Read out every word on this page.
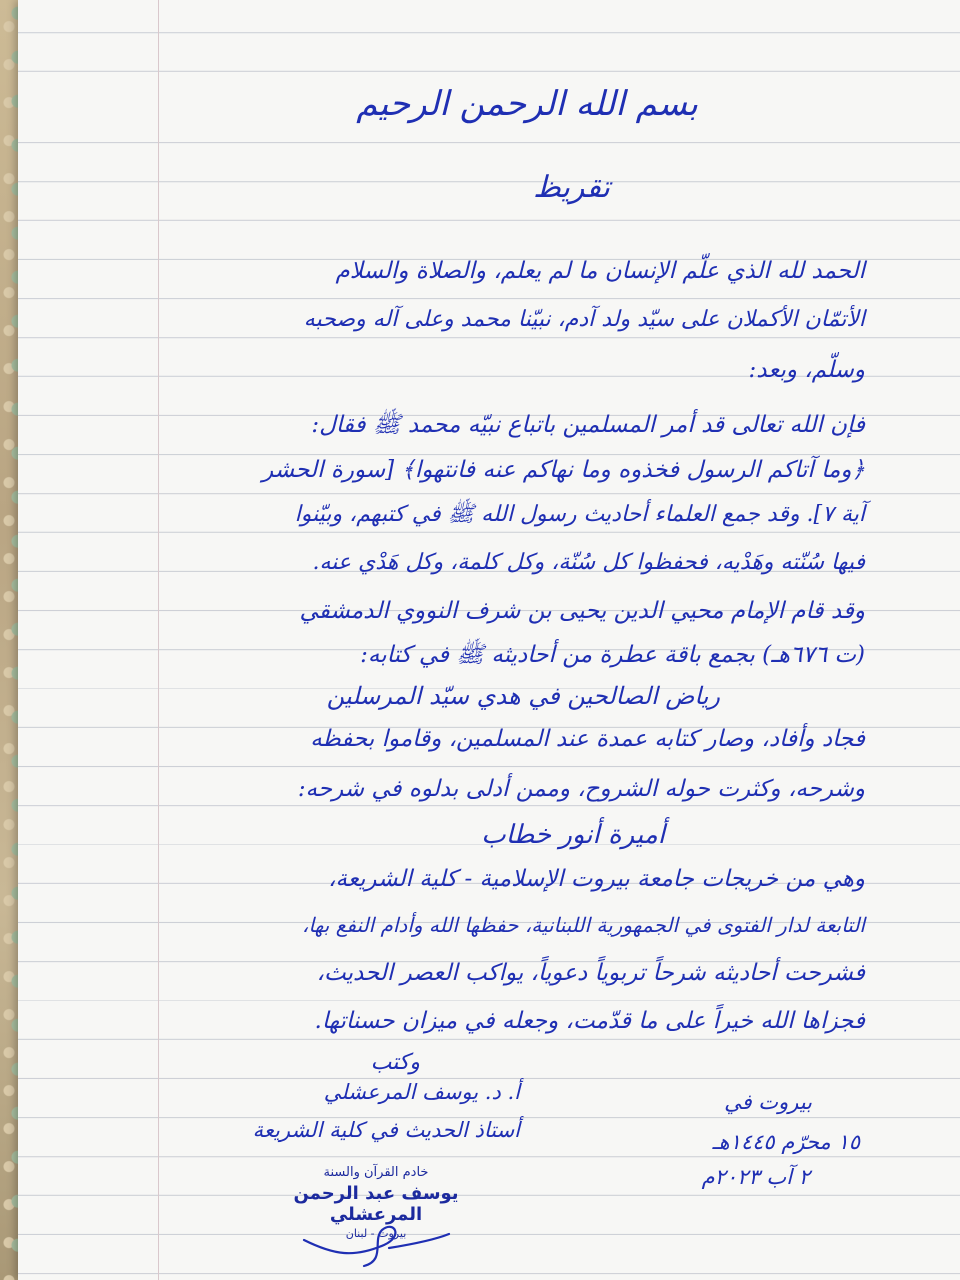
بسم الله الرحمن الرحيم
تقريظ
الحمد لله الذي علّم الإنسان ما لم يعلم، والصلاة والسلام
الأتمّان الأكملان على سيّد ولد آدم، نبيّنا محمد وعلى آله وصحبه
وسلّم، وبعد:
فإن الله تعالى قد أمر المسلمين باتباع نبيّه محمد ﷺ فقال:
﴿وما آتاكم الرسول فخذوه وما نهاكم عنه فانتهوا﴾ [سورة الحشر
آية ٧]. وقد جمع العلماء أحاديث رسول الله ﷺ في كتبهم، وبيّنوا
فيها سُنّته وهَدْيه، فحفظوا كل سُنّة، وكل كلمة، وكل هَدْي عنه.
وقد قام الإمام محيي الدين يحيى بن شرف النووي الدمشقي
(ت ٦٧٦هـ) بجمع باقة عطرة من أحاديثه ﷺ في كتابه:
رياض الصالحين في هدي سيّد المرسلين
فجاد وأفاد، وصار كتابه عمدة عند المسلمين، وقاموا بحفظه
وشرحه، وكثرت حوله الشروح، وممن أدلى بدلوه في شرحه:
أميرة أنور خطاب
وهي من خريجات جامعة بيروت الإسلامية - كلية الشريعة،
التابعة لدار الفتوى في الجمهورية اللبنانية، حفظها الله وأدام النفع بها،
فشرحت أحاديثه شرحاً تربوياً دعوياً، يواكب العصر الحديث،
فجزاها الله خيراً على ما قدّمت، وجعله في ميزان حسناتها.
وكتب
أ. د. يوسف المرعشلي
أستاذ الحديث في كلية الشريعة
بيروت في
١٥ محرّم ١٤٤٥هـ
٢ آب ٢٠٢٣م
خادم القرآن والسنة
يوسف عبد الرحمن المرعشلي
بيروت - لبنان
